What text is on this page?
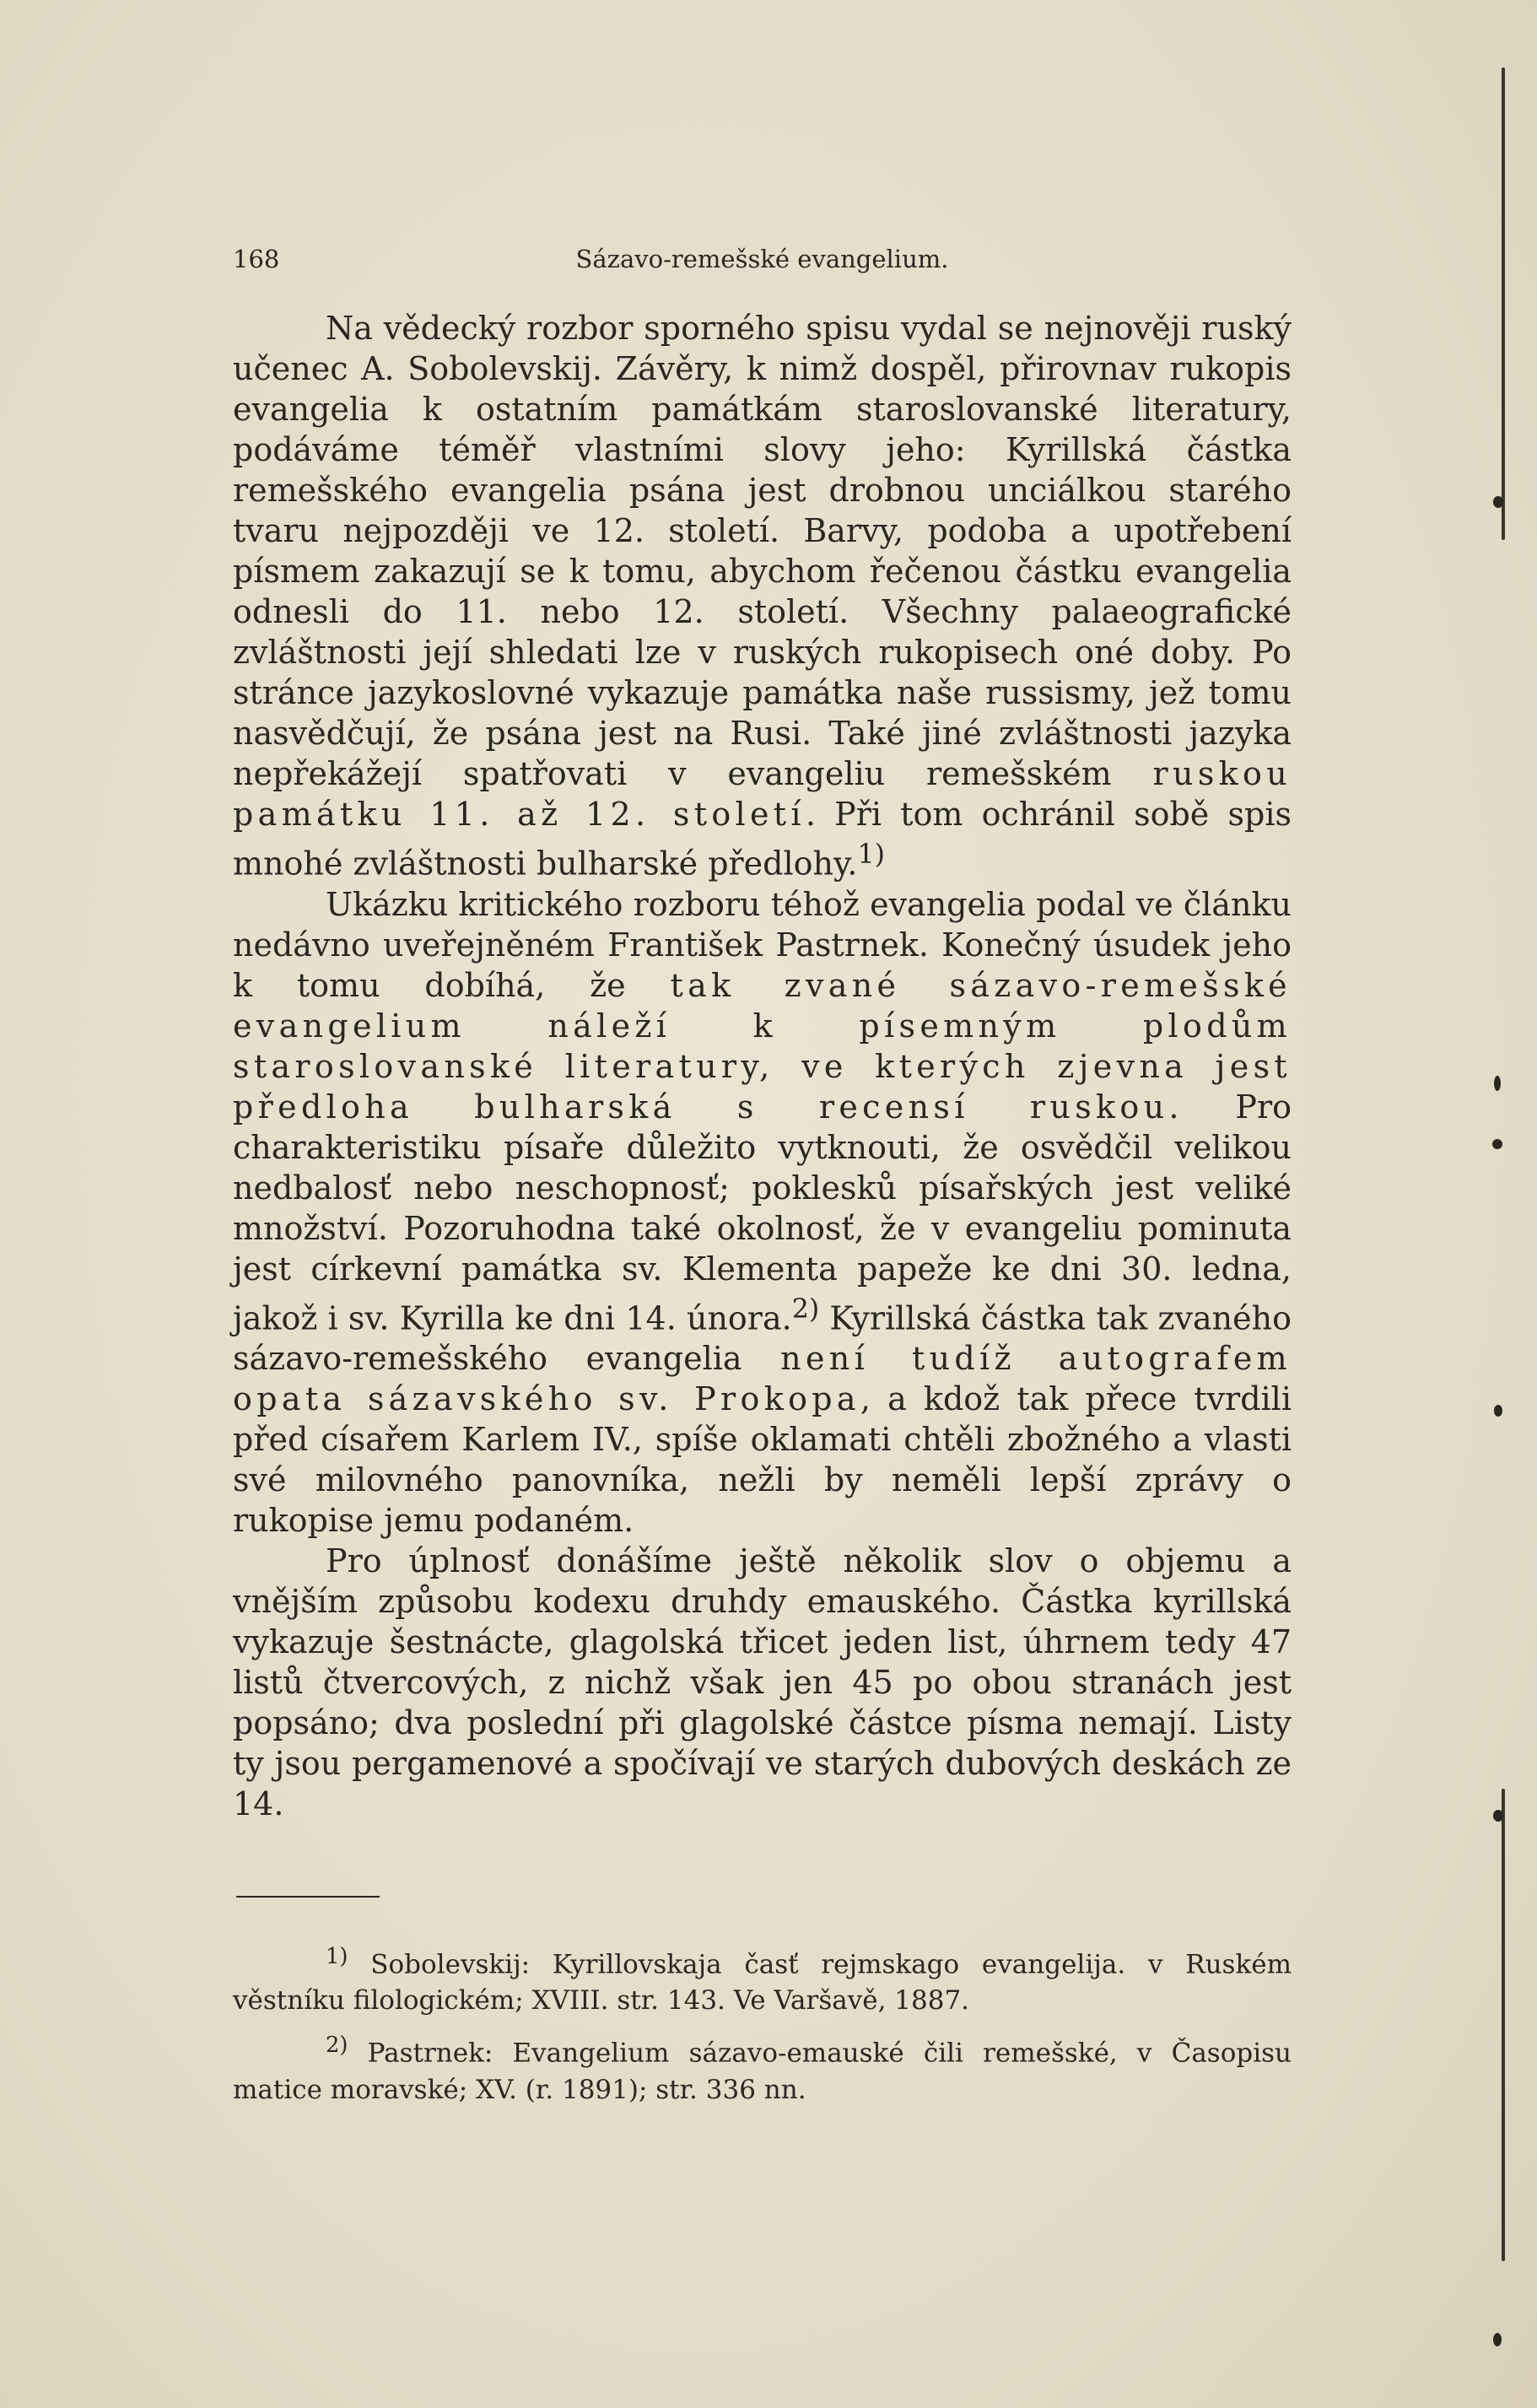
168	Sázavo-remešské evangelium.

Na vědecký rozbor sporného spisu vydal se nejnověji ruský učenec A. Sobolevskij. Závěry, k nimž dospěl, přirovnav rukopis evangelia k ostatním památkám staroslovanské literatury, podáváme téměř vlastními slovy jeho: Kyrillská částka remešského evangelia psána jest drobnou unciálkou starého tvaru nejpozději ve 12. století. Barvy, podoba a upotřebení písmem zakazují se k tomu, abychom řečenou částku evangelia odnesli do 11. nebo 12. století. Všechny palaeografické zvláštnosti její shledati lze v ruských rukopisech oné doby. Po stránce jazykoslovné vykazuje památka naše russismy, jež tomu nasvědčují, že psána jest na Rusi. Také jiné zvláštnosti jazyka nepřekážejí spatřovati v evangeliu remešském ruskou památku 11. až 12. století. Při tom ochránil sobě spis mnohé zvláštnosti bulharské předlohy.$^{1)}$

Ukázku kritického rozboru téhož evangelia podal ve článku nedávno uveřejněném František Pastrnek. Konečný úsudek jeho k tomu dobíhá, že tak zvané sázavo-remešské evangelium náleží k písemným plodům staroslovanské literatury, ve kterých zjevna jest předloha bulharská s recensí ruskou. Pro charakteristiku písaře důležito vytknouti, že osvědčil velikou nedbalosť nebo neschopnosť; poklesků písařských jest veliké množství. Pozoruhodna také okolnosť, že v evangeliu pominuta jest církevní památka sv. Klementa papeže ke dni 30. ledna, jakož i sv. Kyrilla ke dni 14. února.$^{2)}$ Kyrillská částka tak zvaného sázavo-remešského evangelia není tudíž autografem opata sázavského sv. Prokopa, a kdož tak přece tvrdili před císařem Karlem IV., spíše oklamati chtěli zbožného a vlasti své milovného panovníka, nežli by neměli lepší zprávy o rukopise jemu podaném.

Pro úplnosť donášíme ještě několik slov o objemu a vnějším způsobu kodexu druhdy emauského. Částka kyrillská vykazuje šestnácte, glagolská třicet jeden list, úhrnem tedy 47 listů čtvercových, z nichž však jen 45 po obou stranách jest popsáno; dva poslední při glagolské částce písma nemají. Listy ty jsou pergamenové a spočívají ve starých dubových deskách ze 14.

$^{1)}$ Sobolevskij: Kyrillovskaja časť rejmskago evangelija. v Ruském věstníku filologickém; XVIII. str. 143. Ve Varšavě, 1887.

$^{2)}$ Pastrnek: Evangelium sázavo-emauské čili remešské, v Časopisu matice moravské; XV. (r. 1891); str. 336 nn.
